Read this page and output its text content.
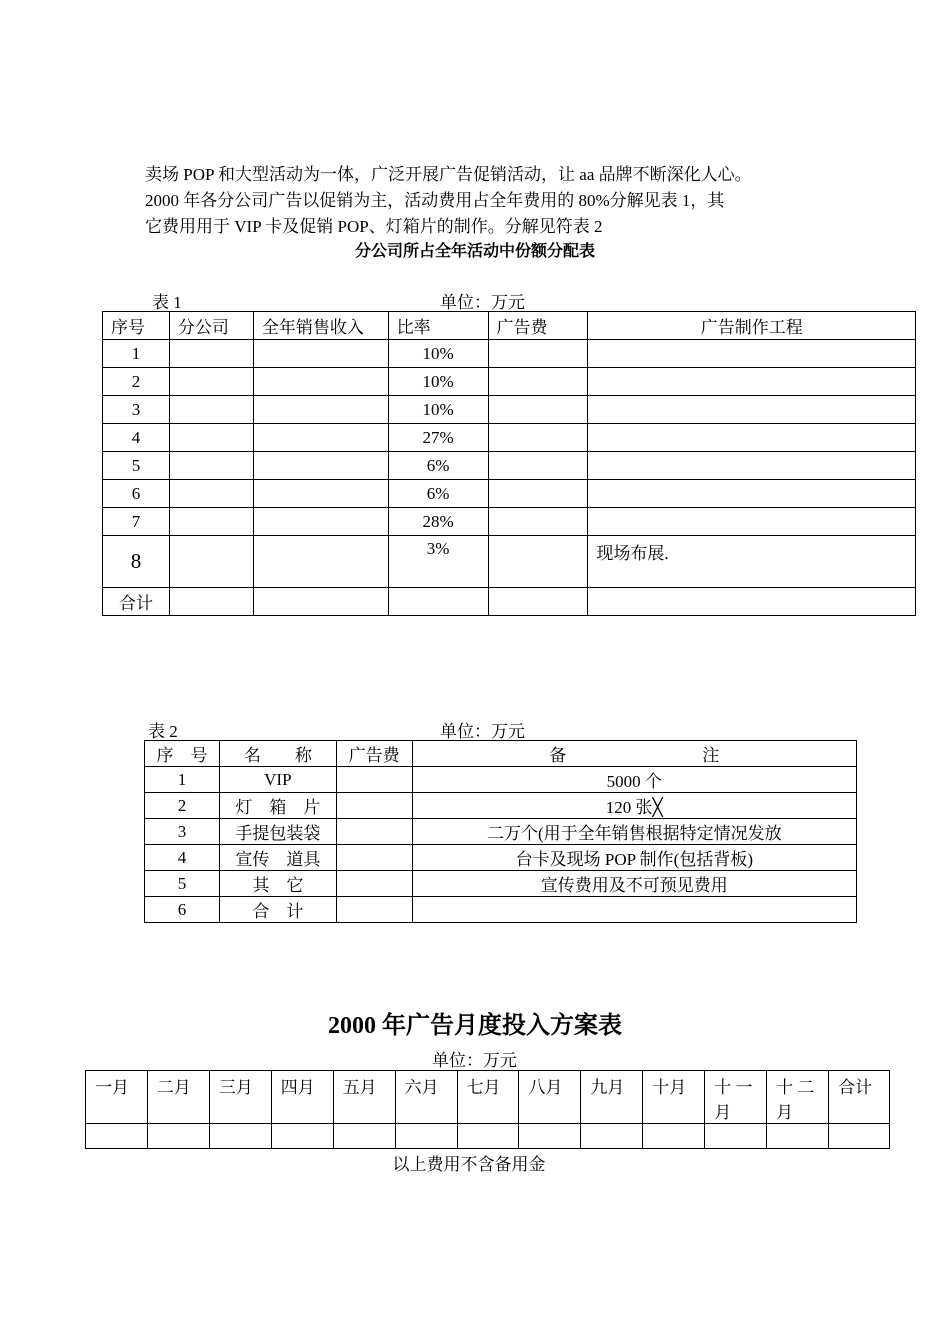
卖场 POP 和大型活动为一体，广泛开展广告促销活动，让 aa 品牌不断深化人心。
2000 年各分公司广告以促销为主，活动费用占全年费用的 80%分解见表 1，其
它费用用于 VIP 卡及促销 POP、灯箱片的制作。分解见符表 2
分公司所占全年活动中份额分配表
表 1	单位：万元
序号	分公司	全年销售收入	比率	广告费	广告制作工程
1			10%		
2			10%		
3			10%		
4			27%		
5			6%		
6			6%		
7			28%		
8			3%		现场布展.
合计					
表 2	单位：万元
序　号	名　　称	广告费	备　　　　　　　　注
1	VIP		5000 个
2	灯　箱　片		120 张╳
3	手提包装袋		二万个(用于全年销售根据特定情况发放
4	宣传　道具		台卡及现场 POP 制作(包括背板)
5	其　它		宣传费用及不可预见费用
6	合　计		
2000 年广告月度投入方案表
单位：万元
一月	二月	三月	四月	五月	六月	七月	八月	九月	十月	十 一 月	十 二 月	合计

以上费用不含备用金
